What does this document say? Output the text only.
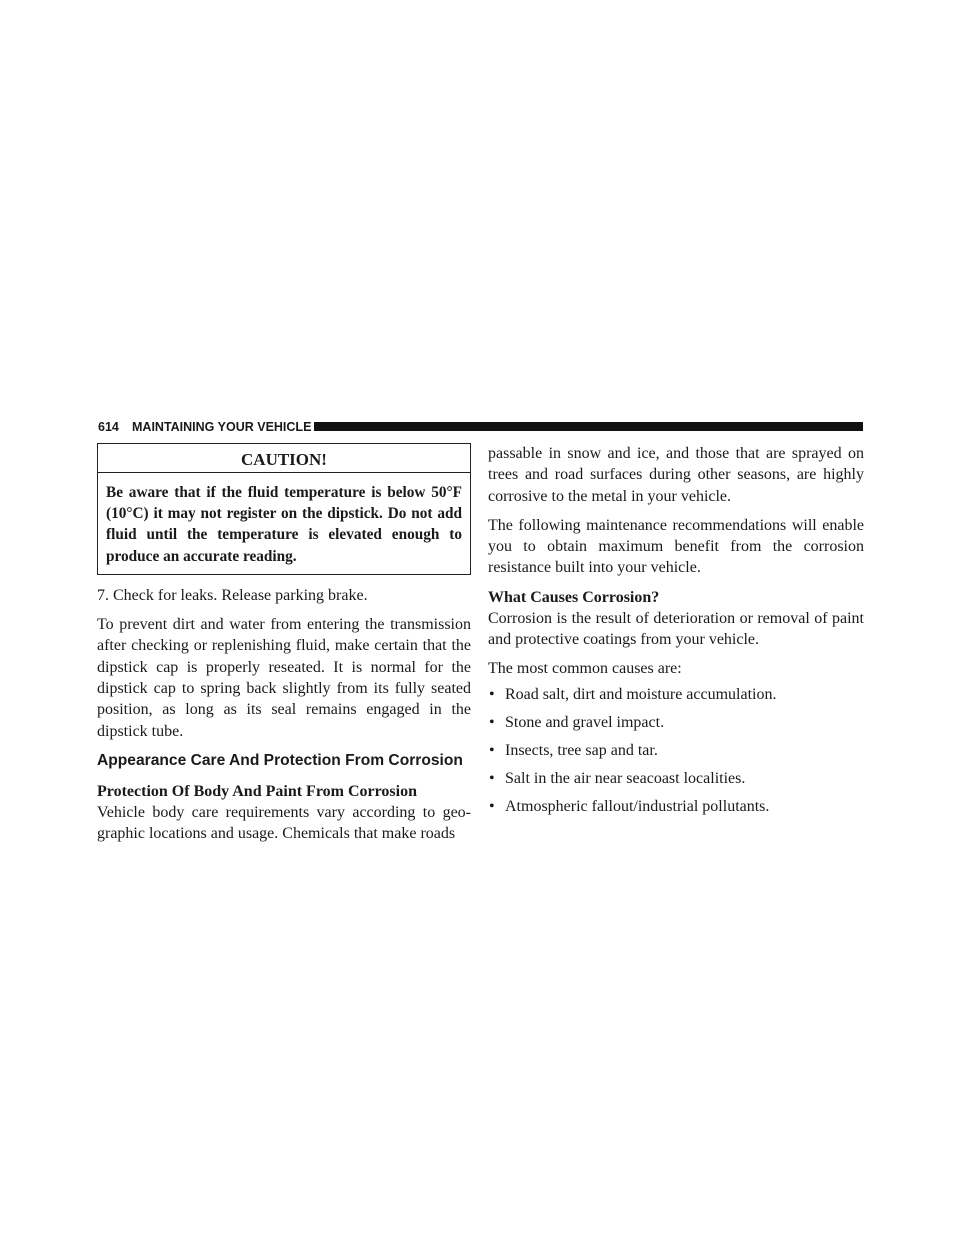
614 MAINTAINING YOUR VEHICLE
CAUTION!
Be aware that if the fluid temperature is below 50°F (10°C) it may not register on the dipstick. Do not add fluid until the temperature is elevated enough to produce an accurate reading.

7. Check for leaks. Release parking brake.

To prevent dirt and water from entering the transmission after checking or replenishing fluid, make certain that the dipstick cap is properly reseated. It is normal for the dipstick cap to spring back slightly from its fully seated position, as long as its seal remains engaged in the dipstick tube.

Appearance Care And Protection From Corrosion
Protection Of Body And Paint From Corrosion

Vehicle body care requirements vary according to geo- graphic locations and usage. Chemicals that make roads

passable in snow and ice, and those that are sprayed on trees and road surfaces during other seasons, are highly corrosive to the metal in your vehicle.

The following maintenance recommendations will enable you to obtain maximum benefit from the corrosion resistance built into your vehicle.

What Causes Corrosion?

Corrosion is the result of deterioration or removal of paint and protective coatings from your vehicle.

The most common causes are:

• Road salt, dirt and moisture accumulation.
• Stone and gravel impact.
• Insects, tree sap and tar.
• Salt in the air near seacoast localities.
• Atmospheric fallout/industrial pollutants.
